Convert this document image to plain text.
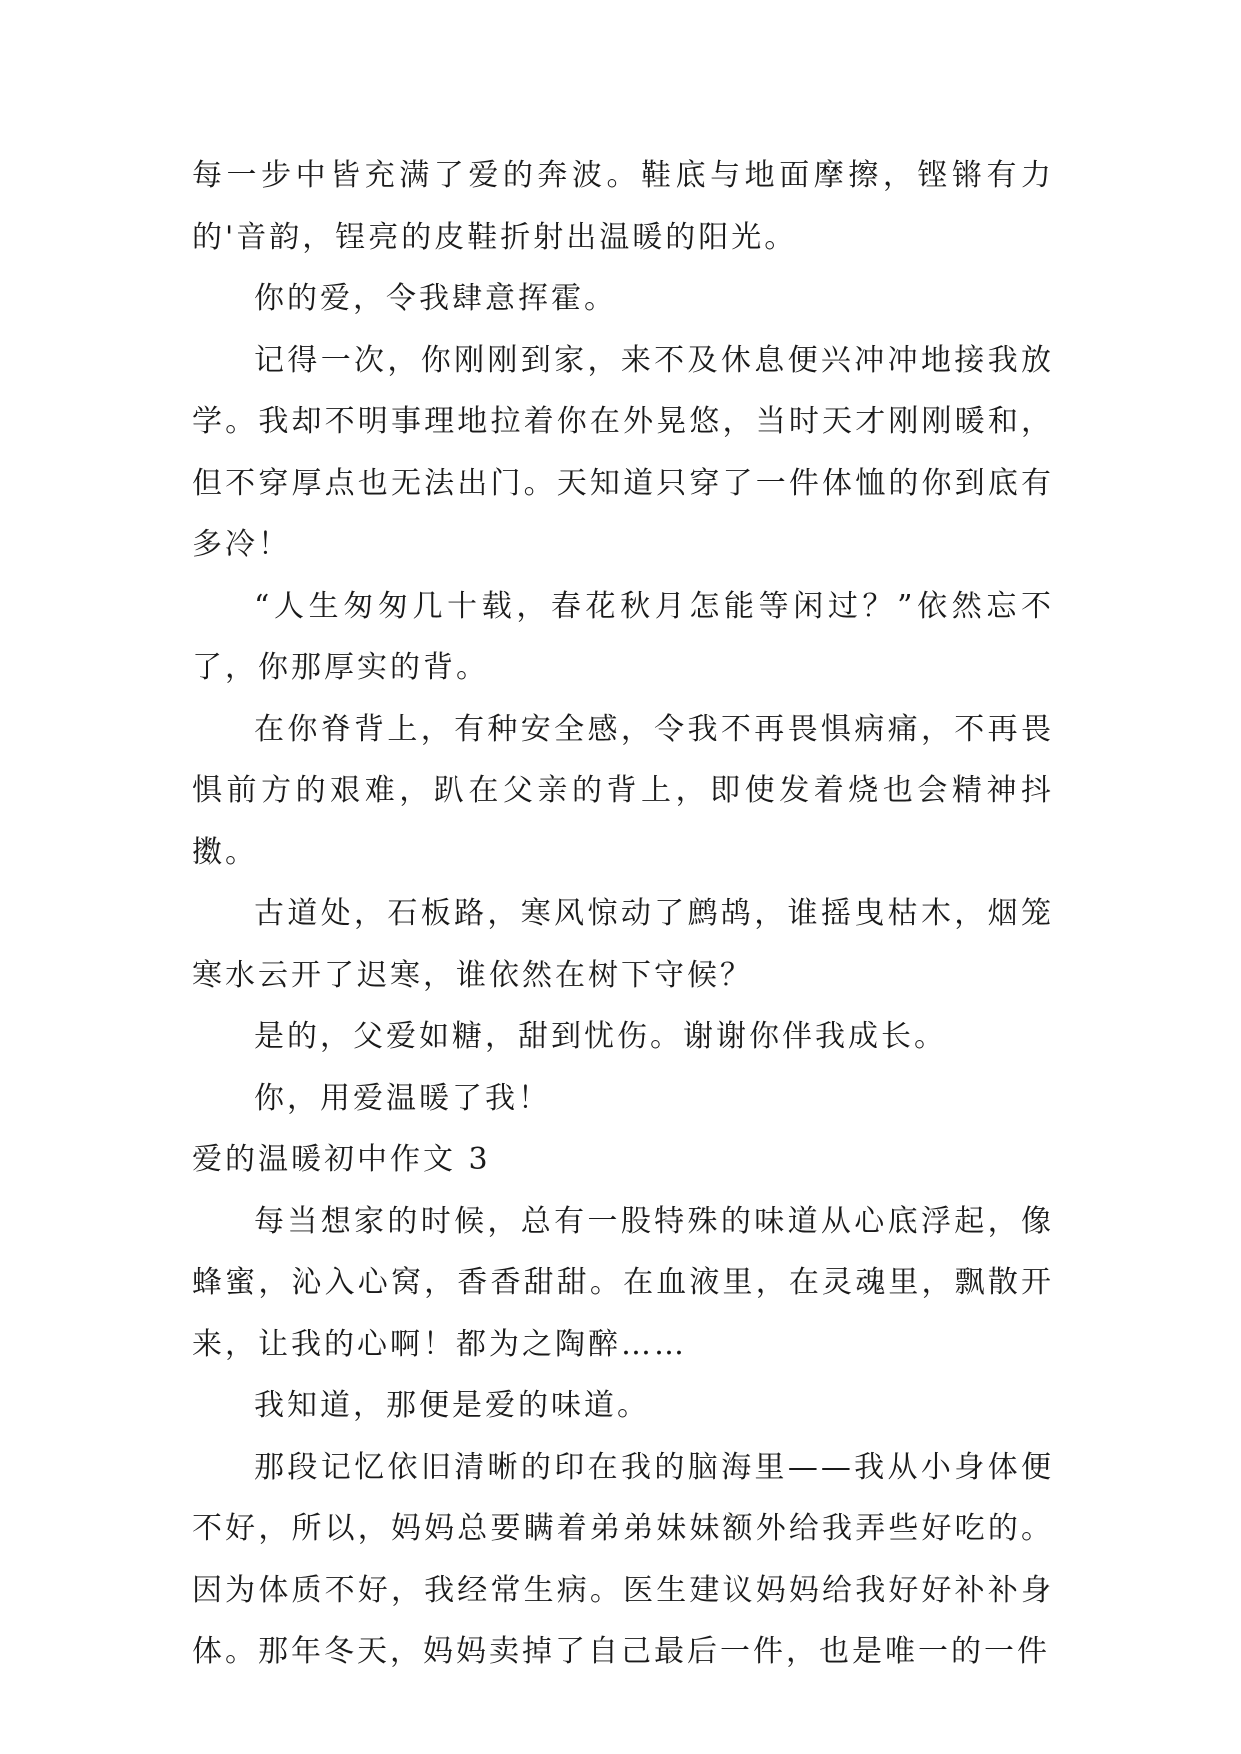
每一步中皆充满了爱的奔波。鞋底与地面摩擦，铿锵有力的'音韵，锃亮的皮鞋折射出温暖的阳光。

你的爱，令我肆意挥霍。

记得一次，你刚刚到家，来不及休息便兴冲冲地接我放学。我却不明事理地拉着你在外晃悠，当时天才刚刚暖和，但不穿厚点也无法出门。天知道只穿了一件体恤的你到底有多冷！

“人生匆匆几十载，春花秋月怎能等闲过？”依然忘不了，你那厚实的背。

在你脊背上，有种安全感，令我不再畏惧病痛，不再畏惧前方的艰难，趴在父亲的背上，即使发着烧也会精神抖擞。

古道处，石板路，寒风惊动了鹧鸪，谁摇曳枯木，烟笼寒水云开了迟寒，谁依然在树下守候？

是的，父爱如糖，甜到忧伤。谢谢你伴我成长。

你，用爱温暖了我！

爱的温暖初中作文 3

每当想家的时候，总有一股特殊的味道从心底浮起，像蜂蜜，沁入心窝，香香甜甜。在血液里，在灵魂里，飘散开来，让我的心啊！都为之陶醉……

我知道，那便是爱的味道。

那段记忆依旧清晰的印在我的脑海里——我从小身体便不好，所以，妈妈总要瞒着弟弟妹妹额外给我弄些好吃的。因为体质不好，我经常生病。医生建议妈妈给我好好补补身体。那年冬天，妈妈卖掉了自己最后一件，也是唯一的一件
